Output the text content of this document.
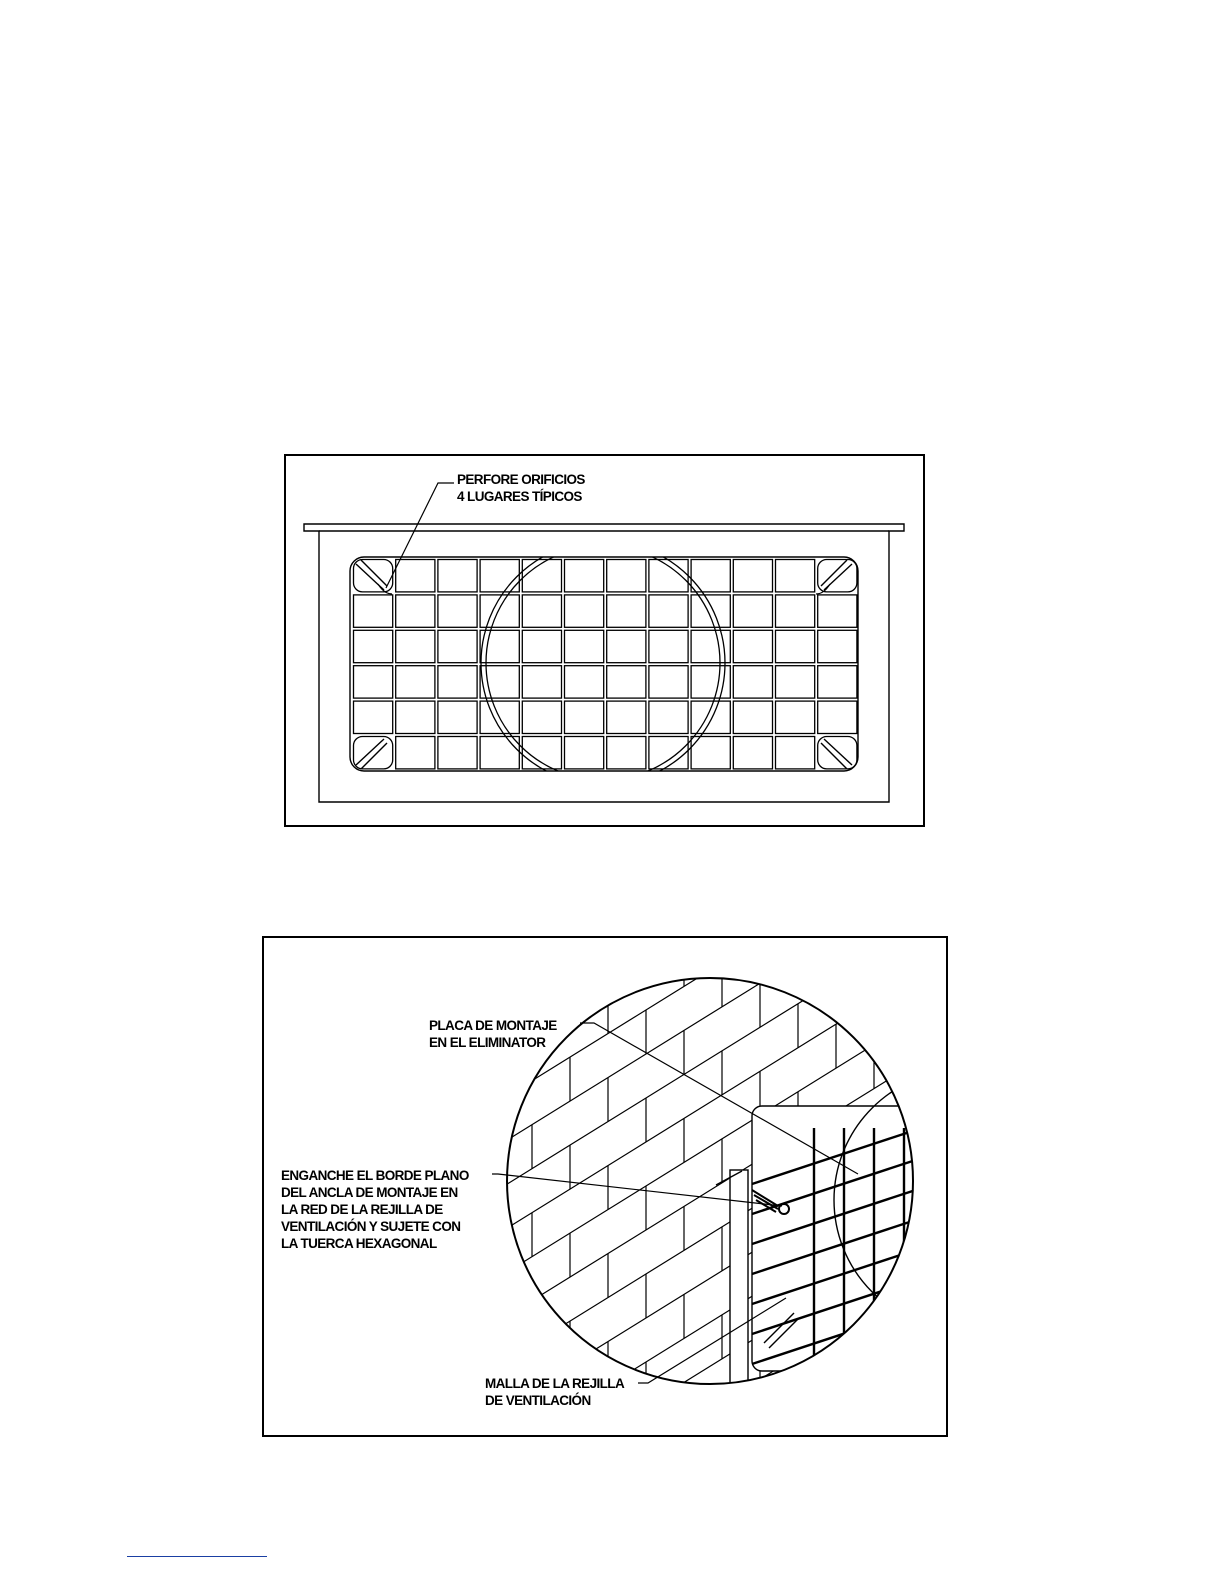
PERFORE ORIFICIOS
4 LUGARES TÍPICOS
PLACA DE MONTAJE
EN EL ELIMINATOR
ENGANCHE EL BORDE PLANO
DEL ANCLA DE MONTAJE EN
LA RED DE LA REJILLA DE
VENTILACIÓN Y SUJETE CON
LA TUERCA HEXAGONAL
MALLA DE LA REJILLA
DE VENTILACIÓN
